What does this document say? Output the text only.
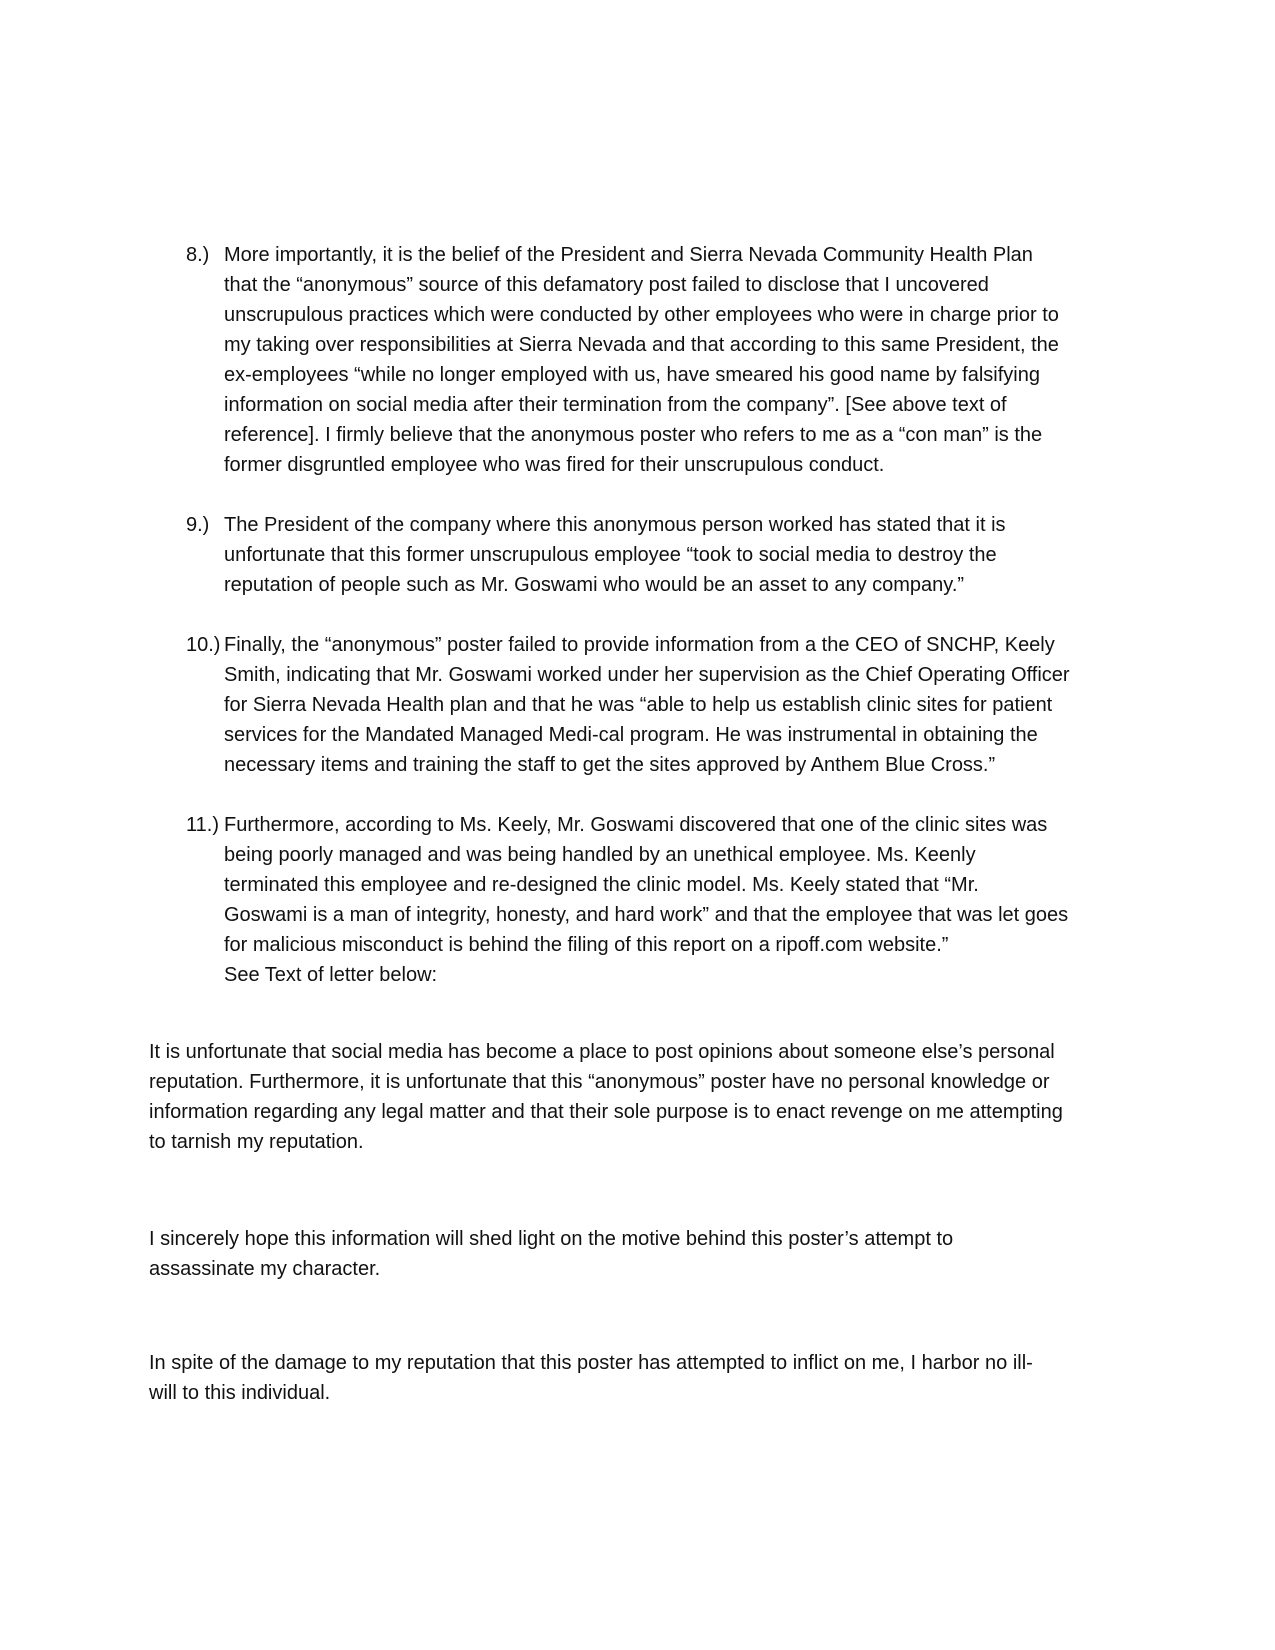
8.) More importantly, it is the belief of the President and Sierra Nevada Community Health Plan
that the “anonymous” source of this defamatory post failed to disclose that I uncovered
unscrupulous practices which were conducted by other employees who were in charge prior to
my taking over responsibilities at Sierra Nevada and that according to this same President, the
ex-employees “while no longer employed with us, have smeared his good name by falsifying
information on social media after their termination from the company”. [See above text of
reference]. I firmly believe that the anonymous poster who refers to me as a “con man” is the
former disgruntled employee who was fired for their unscrupulous conduct.
9.) The President of the company where this anonymous person worked has stated that it is
unfortunate that this former unscrupulous employee “took to social media to destroy the
reputation of people such as Mr. Goswami who would be an asset to any company.”
10.) Finally, the “anonymous” poster failed to provide information from a the CEO of SNCHP, Keely
Smith, indicating that Mr. Goswami worked under her supervision as the Chief Operating Officer
for Sierra Nevada Health plan and that he was “able to help us establish clinic sites for patient
services for the Mandated Managed Medi-cal program. He was instrumental in obtaining the
necessary items and training the staff to get the sites approved by Anthem Blue Cross.”
11.) Furthermore, according to Ms. Keely, Mr. Goswami discovered that one of the clinic sites was
being poorly managed and was being handled by an unethical employee. Ms. Keenly
terminated this employee and re-designed the clinic model. Ms. Keely stated that “Mr.
Goswami is a man of integrity, honesty, and hard work” and that the employee that was let goes
for malicious misconduct is behind the filing of this report on a ripoff.com website.”
See Text of letter below:

It is unfortunate that social media has become a place to post opinions about someone else’s personal
reputation. Furthermore, it is unfortunate that this “anonymous” poster have no personal knowledge or
information regarding any legal matter and that their sole purpose is to enact revenge on me attempting
to tarnish my reputation.

I sincerely hope this information will shed light on the motive behind this poster’s attempt to
assassinate my character.

In spite of the damage to my reputation that this poster has attempted to inflict on me, I harbor no ill-
will to this individual.
